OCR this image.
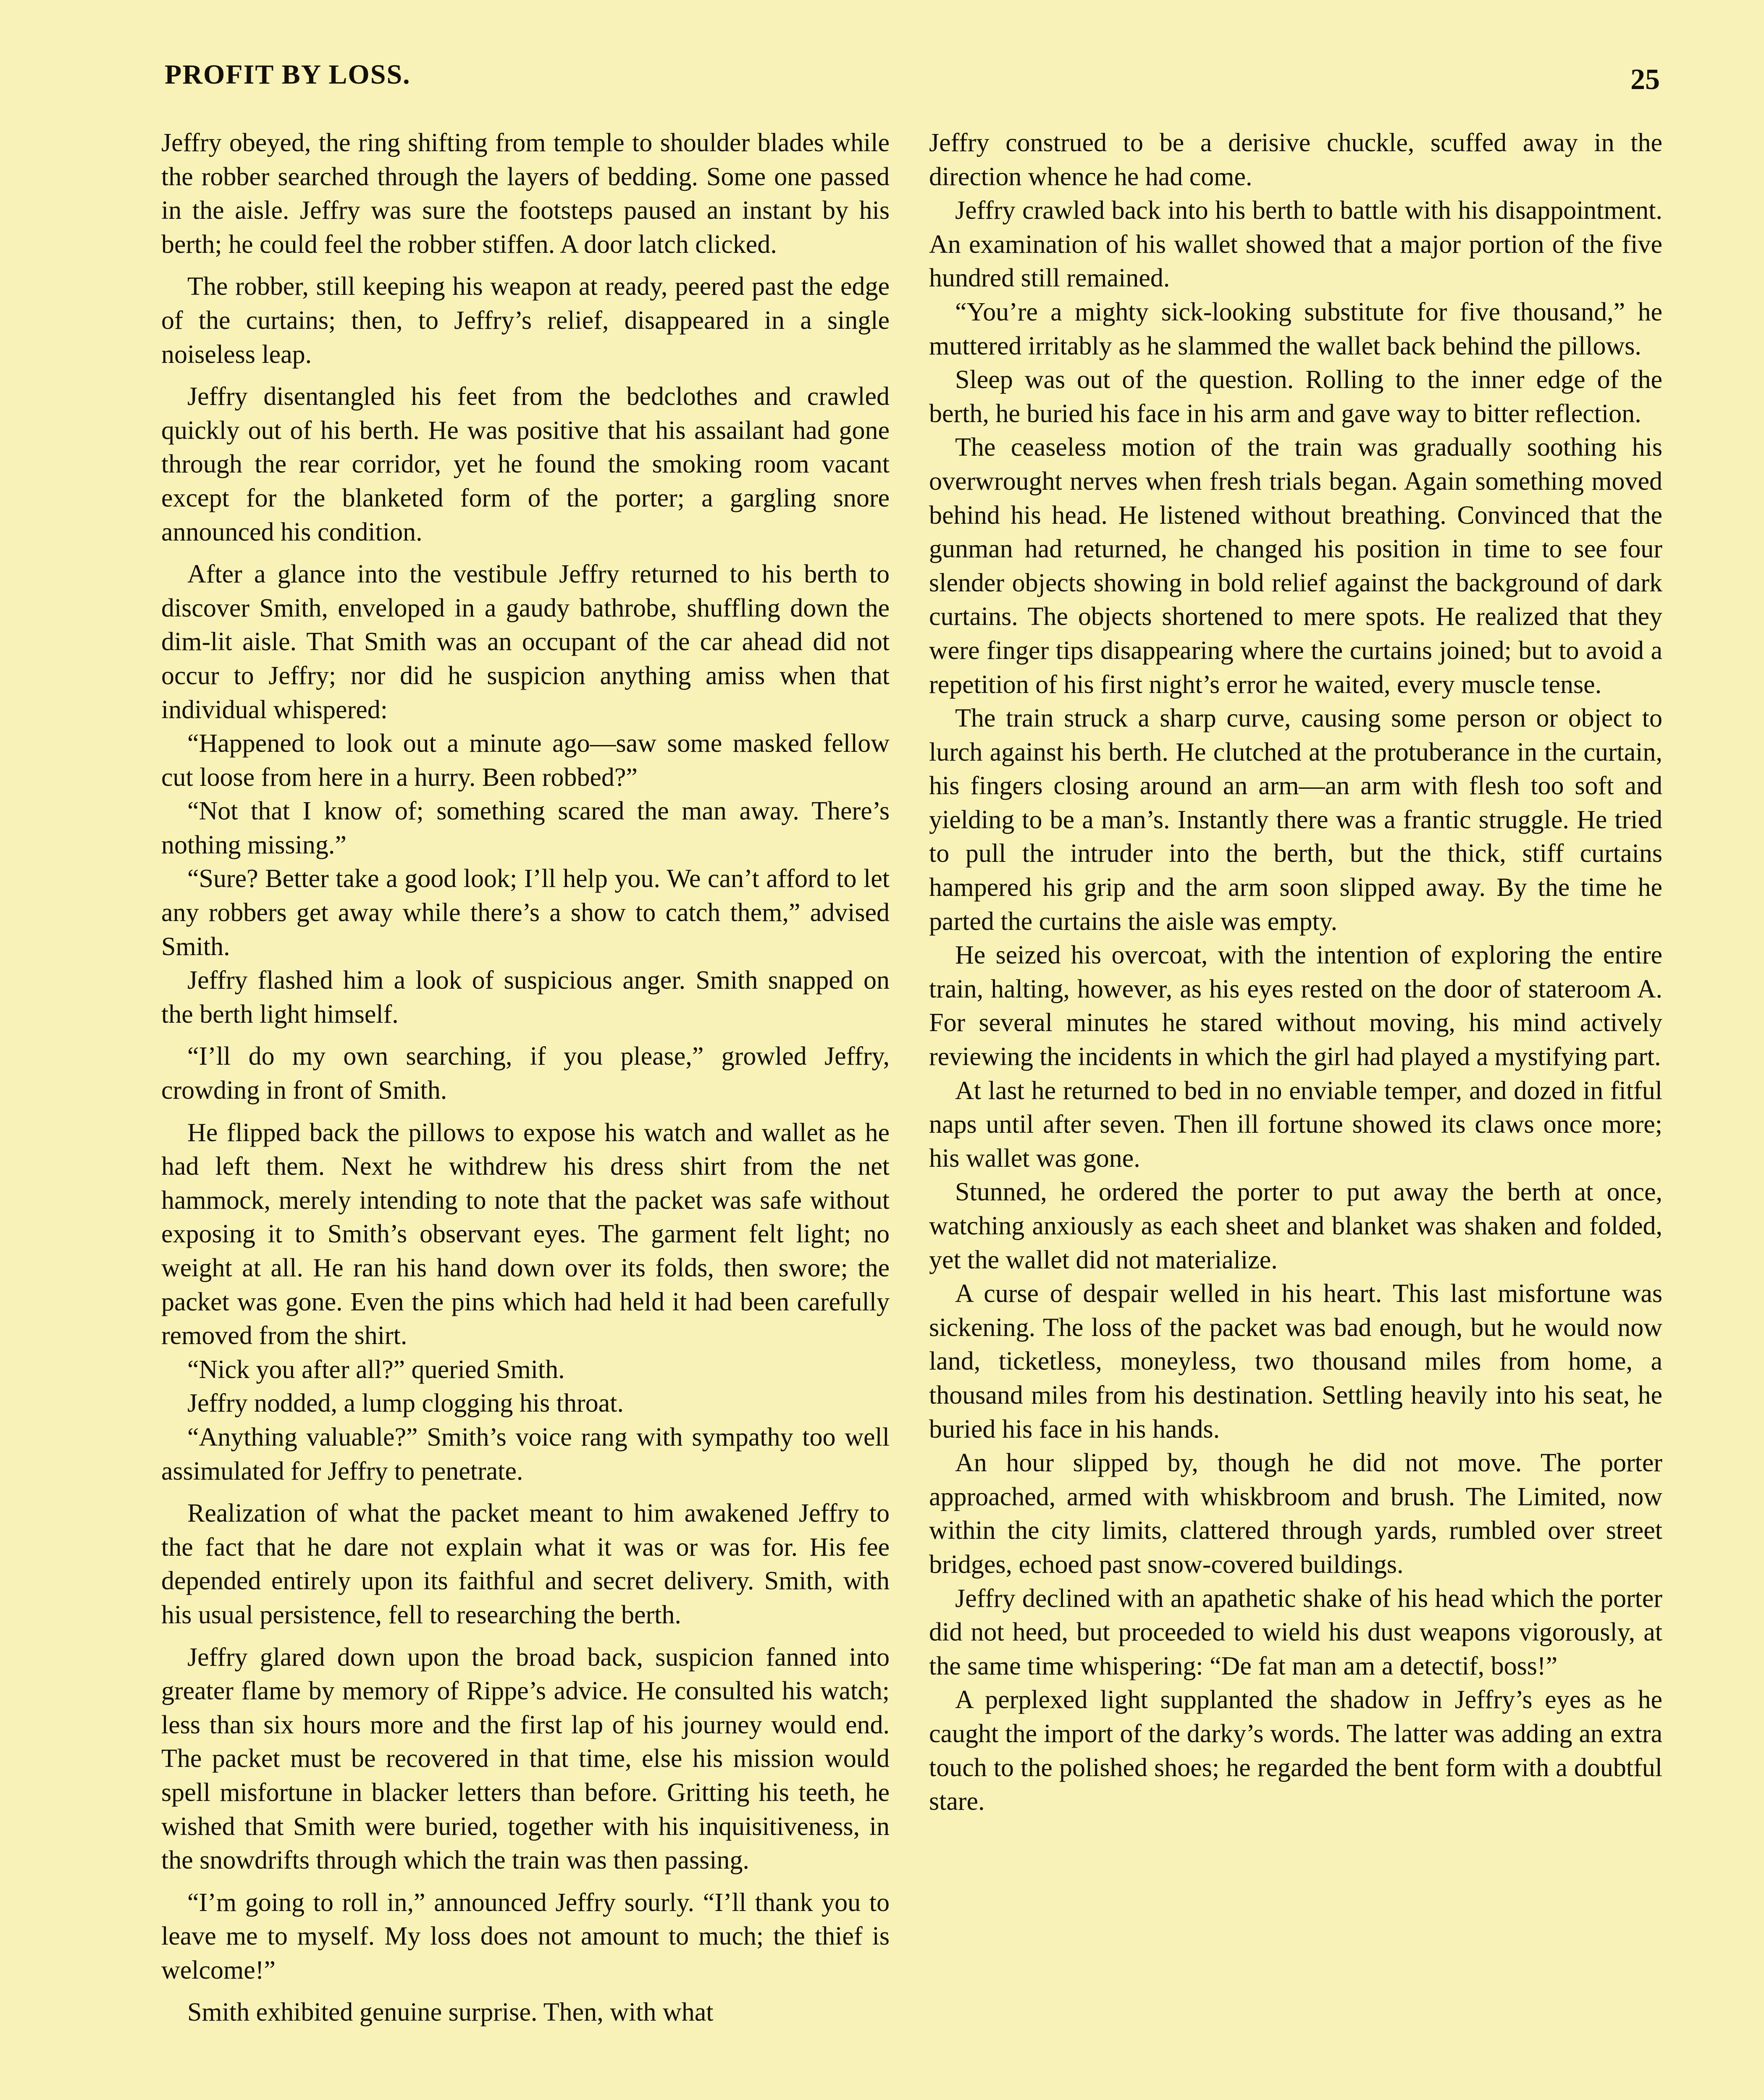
PROFIT BY LOSS.	25

Jeffry obeyed, the ring shifting from temple to shoulder blades while the robber searched through the layers of bedding. Some one passed in the aisle. Jeffry was sure the footsteps paused an instant by his berth; he could feel the robber stiffen. A door latch clicked.

The robber, still keeping his weapon at ready, peered past the edge of the curtains; then, to Jeffry’s relief, disappeared in a single noiseless leap.

Jeffry disentangled his feet from the bedclothes and crawled quickly out of his berth. He was positive that his assailant had gone through the rear corridor, yet he found the smoking room vacant except for the blanketed form of the porter; a gargling snore announced his condition.

After a glance into the vestibule Jeffry returned to his berth to discover Smith, enveloped in a gaudy bathrobe, shuffling down the dim-lit aisle. That Smith was an occupant of the car ahead did not occur to Jeffry; nor did he suspicion anything amiss when that individual whispered:

“Happened to look out a minute ago—saw some masked fellow cut loose from here in a hurry. Been robbed?”

“Not that I know of; something scared the man away. There’s nothing missing.”

“Sure? Better take a good look; I’ll help you. We can’t afford to let any robbers get away while there’s a show to catch them,” advised Smith.

Jeffry flashed him a look of suspicious anger. Smith snapped on the berth light himself.

“I’ll do my own searching, if you please,” growled Jeffry, crowding in front of Smith.

He flipped back the pillows to expose his watch and wallet as he had left them. Next he withdrew his dress shirt from the net hammock, merely intending to note that the packet was safe without exposing it to Smith’s observant eyes. The garment felt light; no weight at all. He ran his hand down over its folds, then swore; the packet was gone. Even the pins which had held it had been carefully removed from the shirt.

“Nick you after all?” queried Smith.

Jeffry nodded, a lump clogging his throat.

“Anything valuable?” Smith’s voice rang with sympathy too well assimulated for Jeffry to penetrate.

Realization of what the packet meant to him awakened Jeffry to the fact that he dare not explain what it was or was for. His fee depended entirely upon its faithful and secret delivery. Smith, with his usual persistence, fell to researching the berth.

Jeffry glared down upon the broad back, suspicion fanned into greater flame by memory of Rippe’s advice. He consulted his watch; less than six hours more and the first lap of his journey would end. The packet must be recovered in that time, else his mission would spell misfortune in blacker letters than before. Gritting his teeth, he wished that Smith were buried, together with his inquisitiveness, in the snowdrifts through which the train was then passing.

“I’m going to roll in,” announced Jeffry sourly. “I’ll thank you to leave me to myself. My loss does not amount to much; the thief is welcome!”

Smith exhibited genuine surprise. Then, with what

Jeffry construed to be a derisive chuckle, scuffed away in the direction whence he had come.

Jeffry crawled back into his berth to battle with his disappointment. An examination of his wallet showed that a major portion of the five hundred still remained.

“You’re a mighty sick-looking substitute for five thousand,” he muttered irritably as he slammed the wallet back behind the pillows.

Sleep was out of the question. Rolling to the inner edge of the berth, he buried his face in his arm and gave way to bitter reflection.

The ceaseless motion of the train was gradually soothing his overwrought nerves when fresh trials began. Again something moved behind his head. He listened without breathing. Convinced that the gunman had returned, he changed his position in time to see four slender objects showing in bold relief against the background of dark curtains. The objects shortened to mere spots. He realized that they were finger tips disappearing where the curtains joined; but to avoid a repetition of his first night’s error he waited, every muscle tense.

The train struck a sharp curve, causing some person or object to lurch against his berth. He clutched at the protuberance in the curtain, his fingers closing around an arm—an arm with flesh too soft and yielding to be a man’s. Instantly there was a frantic struggle. He tried to pull the intruder into the berth, but the thick, stiff curtains hampered his grip and the arm soon slipped away. By the time he parted the curtains the aisle was empty.

He seized his overcoat, with the intention of exploring the entire train, halting, however, as his eyes rested on the door of stateroom A. For several minutes he stared without moving, his mind actively reviewing the incidents in which the girl had played a mystifying part.

At last he returned to bed in no enviable temper, and dozed in fitful naps until after seven. Then ill fortune showed its claws once more; his wallet was gone.

Stunned, he ordered the porter to put away the berth at once, watching anxiously as each sheet and blanket was shaken and folded, yet the wallet did not materialize.

A curse of despair welled in his heart. This last misfortune was sickening. The loss of the packet was bad enough, but he would now land, ticketless, moneyless, two thousand miles from home, a thousand miles from his destination. Settling heavily into his seat, he buried his face in his hands.

An hour slipped by, though he did not move. The porter approached, armed with whiskbroom and brush. The Limited, now within the city limits, clattered through yards, rumbled over street bridges, echoed past snow-covered buildings.

Jeffry declined with an apathetic shake of his head which the porter did not heed, but proceeded to wield his dust weapons vigorously, at the same time whispering: “De fat man am a detectif, boss!”

A perplexed light supplanted the shadow in Jeffry’s eyes as he caught the import of the darky’s words. The latter was adding an extra touch to the polished shoes; he regarded the bent form with a doubtful stare.
